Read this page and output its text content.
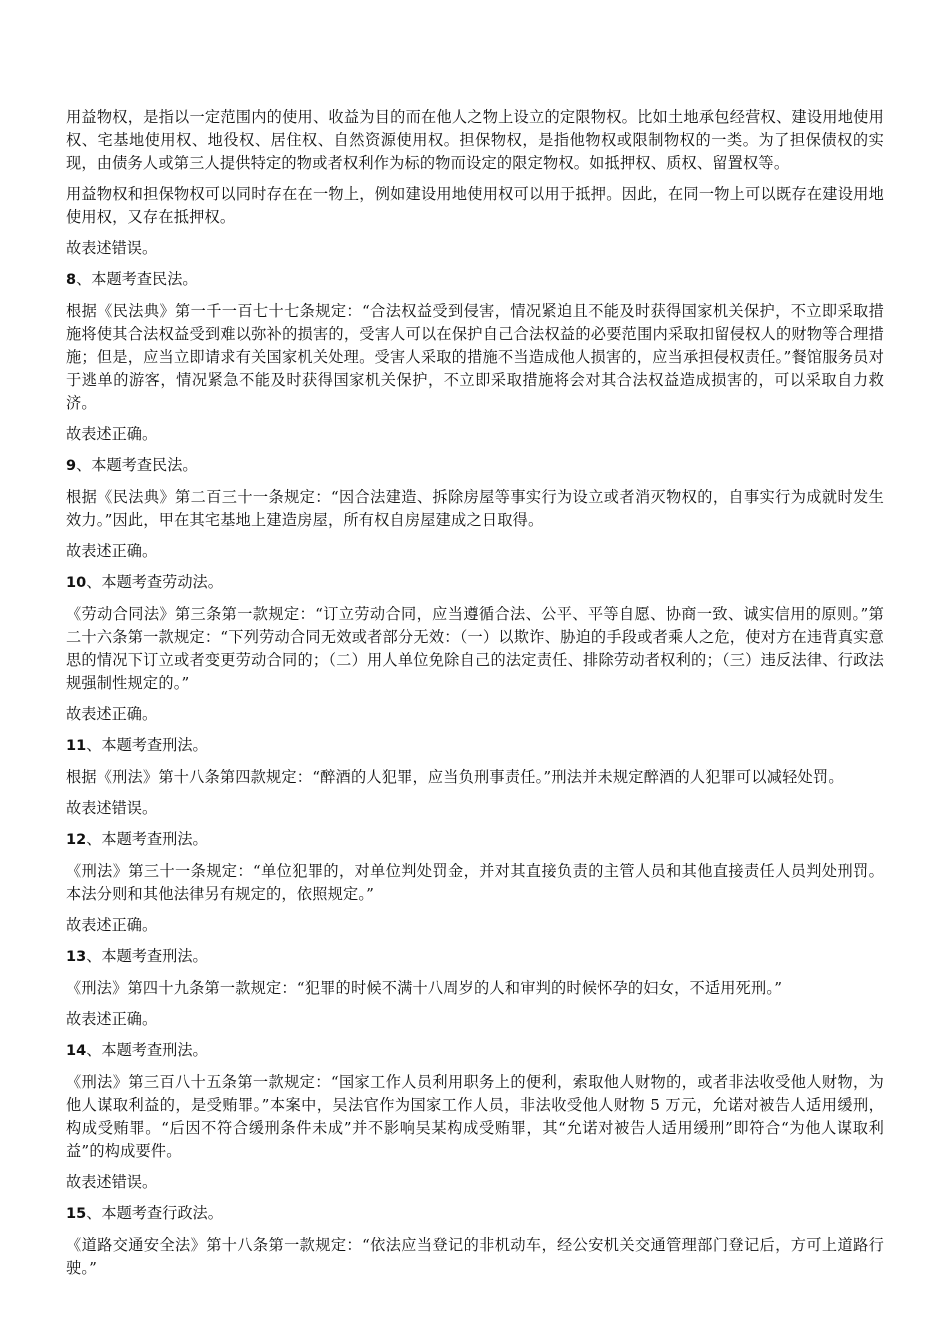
用益物权，是指以一定范围内的使用、收益为目的而在他人之物上设立的定限物权。比如土地承包经营权、建设用地使用权、宅基地使用权、地役权、居住权、自然资源使用权。担保物权，是指他物权或限制物权的一类。为了担保债权的实现，由债务人或第三人提供特定的物或者权利作为标的物而设定的限定物权。如抵押权、质权、留置权等。

用益物权和担保物权可以同时存在在一物上，例如建设用地使用权可以用于抵押。因此，在同一物上可以既存在建设用地使用权，又存在抵押权。

故表述错误。

8、本题考查民法。

根据《民法典》第一千一百七十七条规定：“合法权益受到侵害，情况紧迫且不能及时获得国家机关保护，不立即采取措施将使其合法权益受到难以弥补的损害的，受害人可以在保护自己合法权益的必要范围内采取扣留侵权人的财物等合理措施；但是，应当立即请求有关国家机关处理。受害人采取的措施不当造成他人损害的，应当承担侵权责任。”餐馆服务员对于逃单的游客，情况紧急不能及时获得国家机关保护，不立即采取措施将会对其合法权益造成损害的，可以采取自力救济。

故表述正确。

9、本题考查民法。

根据《民法典》第二百三十一条规定：“因合法建造、拆除房屋等事实行为设立或者消灭物权的，自事实行为成就时发生效力。”因此，甲在其宅基地上建造房屋，所有权自房屋建成之日取得。

故表述正确。

10、本题考查劳动法。

《劳动合同法》第三条第一款规定：“订立劳动合同，应当遵循合法、公平、平等自愿、协商一致、诚实信用的原则。”第二十六条第一款规定：“下列劳动合同无效或者部分无效：（一）以欺诈、胁迫的手段或者乘人之危，使对方在违背真实意思的情况下订立或者变更劳动合同的；（二）用人单位免除自己的法定责任、排除劳动者权利的；（三）违反法律、行政法规强制性规定的。”

故表述正确。

11、本题考查刑法。

根据《刑法》第十八条第四款规定：“醉酒的人犯罪，应当负刑事责任。”刑法并未规定醉酒的人犯罪可以减轻处罚。

故表述错误。

12、本题考查刑法。

《刑法》第三十一条规定：“单位犯罪的，对单位判处罚金，并对其直接负责的主管人员和其他直接责任人员判处刑罚。本法分则和其他法律另有规定的，依照规定。”

故表述正确。

13、本题考查刑法。

《刑法》第四十九条第一款规定：“犯罪的时候不满十八周岁的人和审判的时候怀孕的妇女，不适用死刑。”

故表述正确。

14、本题考查刑法。

《刑法》第三百八十五条第一款规定：“国家工作人员利用职务上的便利，索取他人财物的，或者非法收受他人财物，为他人谋取利益的，是受贿罪。”本案中，吴法官作为国家工作人员，非法收受他人财物 5 万元，允诺对被告人适用缓刑，构成受贿罪。“后因不符合缓刑条件未成”并不影响吴某构成受贿罪，其“允诺对被告人适用缓刑”即符合“为他人谋取利益”的构成要件。

故表述错误。

15、本题考查行政法。

《道路交通安全法》第十八条第一款规定：“依法应当登记的非机动车，经公安机关交通管理部门登记后，方可上道路行驶。”
